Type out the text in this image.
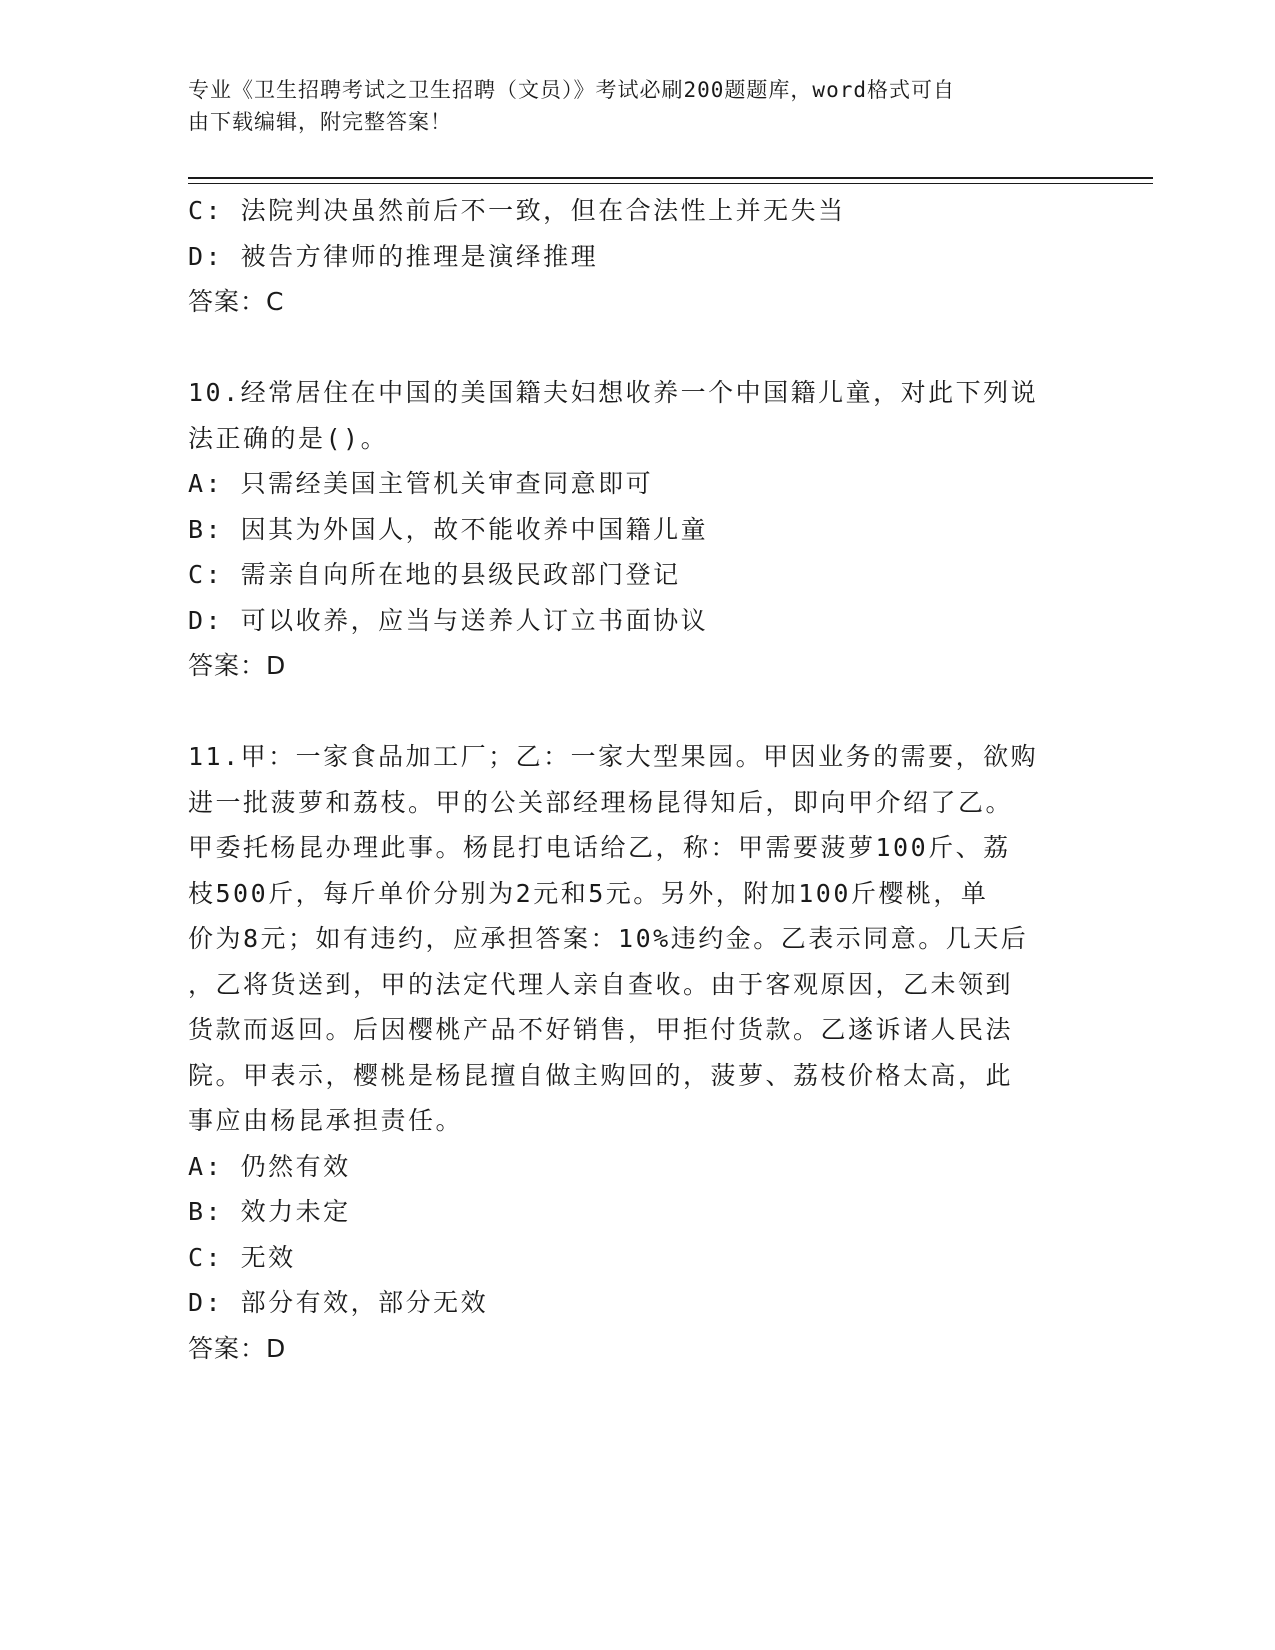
专业《卫生招聘考试之卫生招聘（文员）》考试必刷200题题库，word格式可自
由下载编辑，附完整答案！
C: 法院判决虽然前后不一致，但在合法性上并无失当
D: 被告方律师的推理是演绎推理
答案：C
10.经常居住在中国的美国籍夫妇想收养一个中国籍儿童，对此下列说
法正确的是()。
A: 只需经美国主管机关审查同意即可
B: 因其为外国人，故不能收养中国籍儿童
C: 需亲自向所在地的县级民政部门登记
D: 可以收养，应当与送养人订立书面协议
答案：D
11.甲：一家食品加工厂；乙：一家大型果园。甲因业务的需要，欲购
进一批菠萝和荔枝。甲的公关部经理杨昆得知后，即向甲介绍了乙。
甲委托杨昆办理此事。杨昆打电话给乙，称：甲需要菠萝100斤、荔
枝500斤，每斤单价分别为2元和5元。另外，附加100斤樱桃，单
价为8元；如有违约，应承担答案：10%违约金。乙表示同意。几天后
，乙将货送到，甲的法定代理人亲自查收。由于客观原因，乙未领到
货款而返回。后因樱桃产品不好销售，甲拒付货款。乙遂诉诸人民法
院。甲表示，樱桃是杨昆擅自做主购回的，菠萝、荔枝价格太高，此
事应由杨昆承担责任。
A: 仍然有效
B: 效力未定
C: 无效
D: 部分有效，部分无效
答案：D
